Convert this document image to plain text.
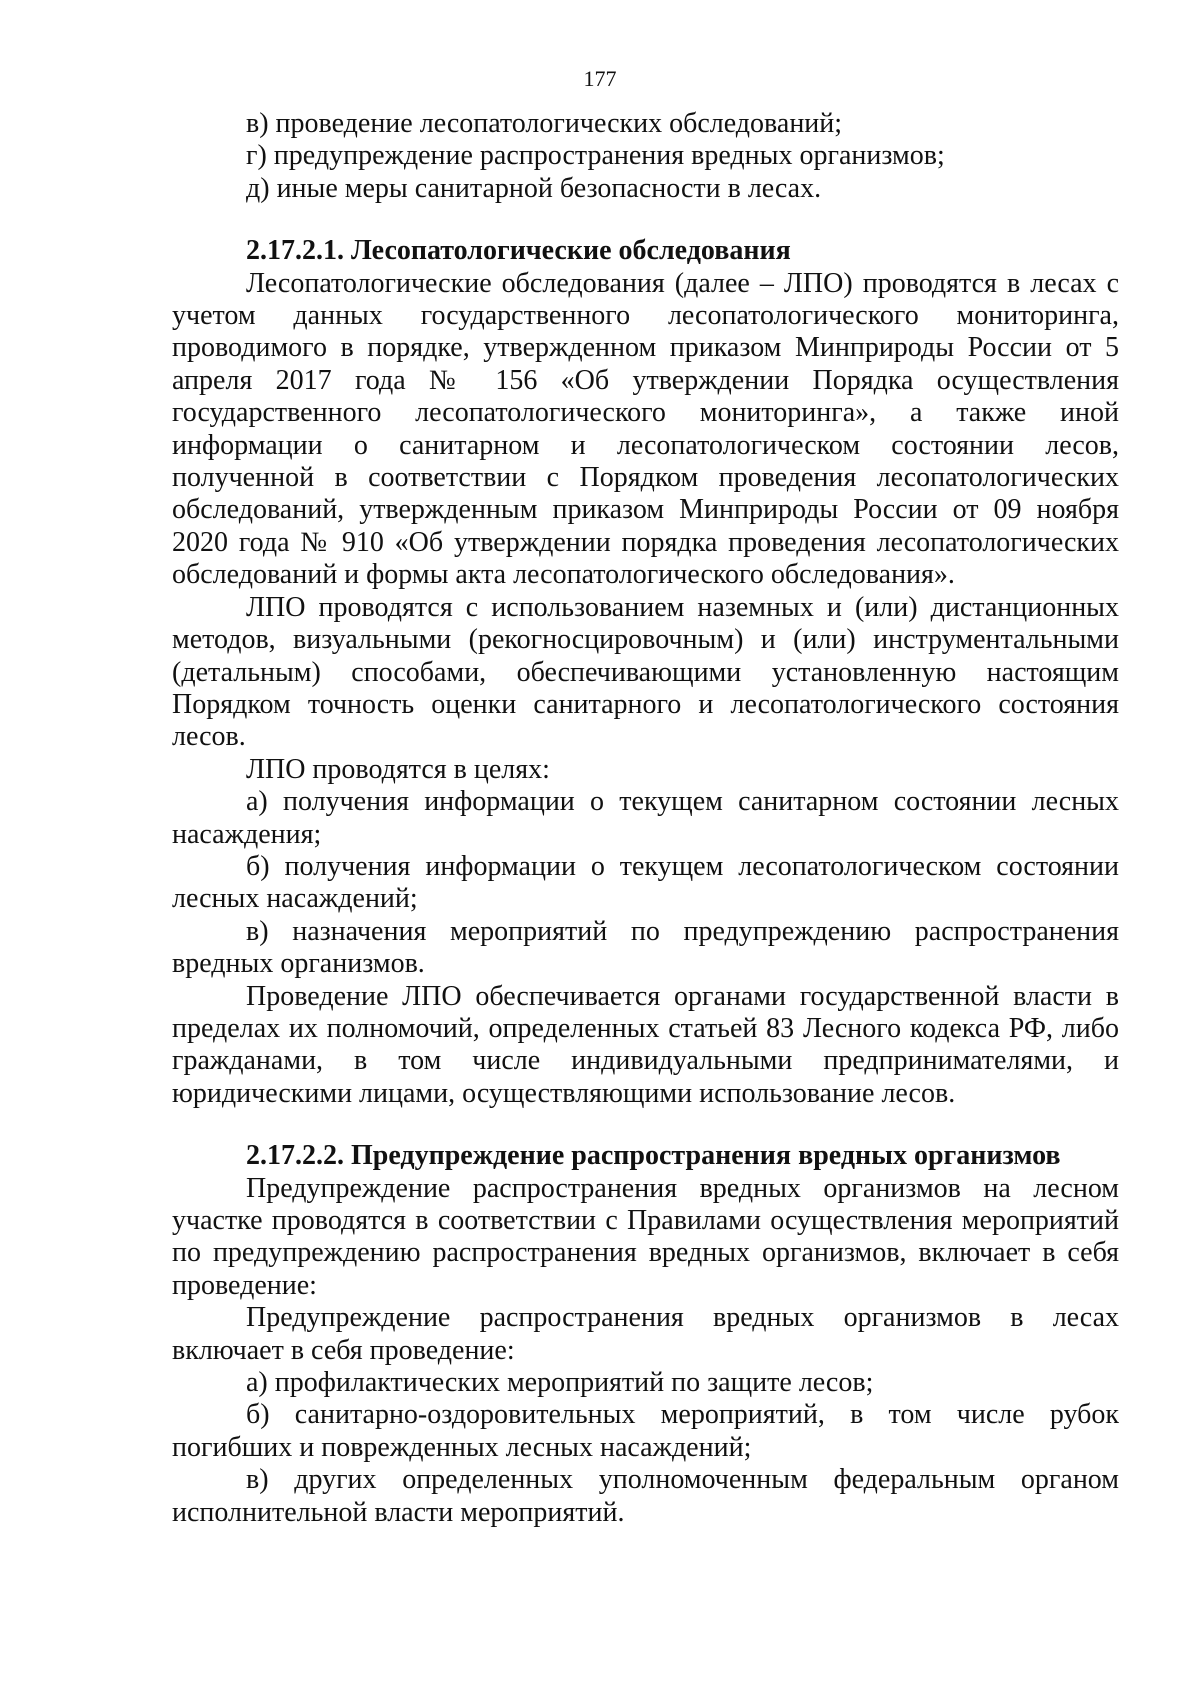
177

в) проведение лесопатологических обследований;

г) предупреждение распространения вредных организмов;

д) иные меры санитарной безопасности в лесах.

2.17.2.1. Лесопатологические обследования

Лесопатологические обследования (далее – ЛПО) проводятся в лесах с учетом данных государственного лесопатологического мониторинга, проводимого в порядке, утвержденном приказом Минприроды России от 5 апреля 2017 года № 156 «Об утверждении Порядка осуществления государственного лесопатологического мониторинга», а также иной информации о санитарном и лесопатологическом состоянии лесов, полученной в соответствии с Порядком проведения лесопатологических обследований, утвержденным приказом Минприроды России от 09 ноября 2020 года № 910 «Об утверждении порядка проведения лесопатологических обследований и формы акта лесопатологического обследования».

ЛПО проводятся с использованием наземных и (или) дистанционных методов, визуальными (рекогносцировочным) и (или) инструментальными (детальным) способами, обеспечивающими установленную настоящим Порядком точность оценки санитарного и лесопатологического состояния лесов.

ЛПО проводятся в целях:

а) получения информации о текущем санитарном состоянии лесных насаждения;

б) получения информации о текущем лесопатологическом состоянии лесных насаждений;

в) назначения мероприятий по предупреждению распространения вредных организмов.

Проведение ЛПО обеспечивается органами государственной власти в пределах их полномочий, определенных статьей 83 Лесного кодекса РФ, либо гражданами, в том числе индивидуальными предпринимателями, и юридическими лицами, осуществляющими использование лесов.

2.17.2.2. Предупреждение распространения вредных организмов

Предупреждение распространения вредных организмов на лесном участке проводятся в соответствии с Правилами осуществления мероприятий по предупреждению распространения вредных организмов, включает в себя проведение:

Предупреждение распространения вредных организмов в лесах включает в себя проведение:

а) профилактических мероприятий по защите лесов;

б) санитарно-оздоровительных мероприятий, в том числе рубок погибших и поврежденных лесных насаждений;

в) других определенных уполномоченным федеральным органом исполнительной власти мероприятий.
